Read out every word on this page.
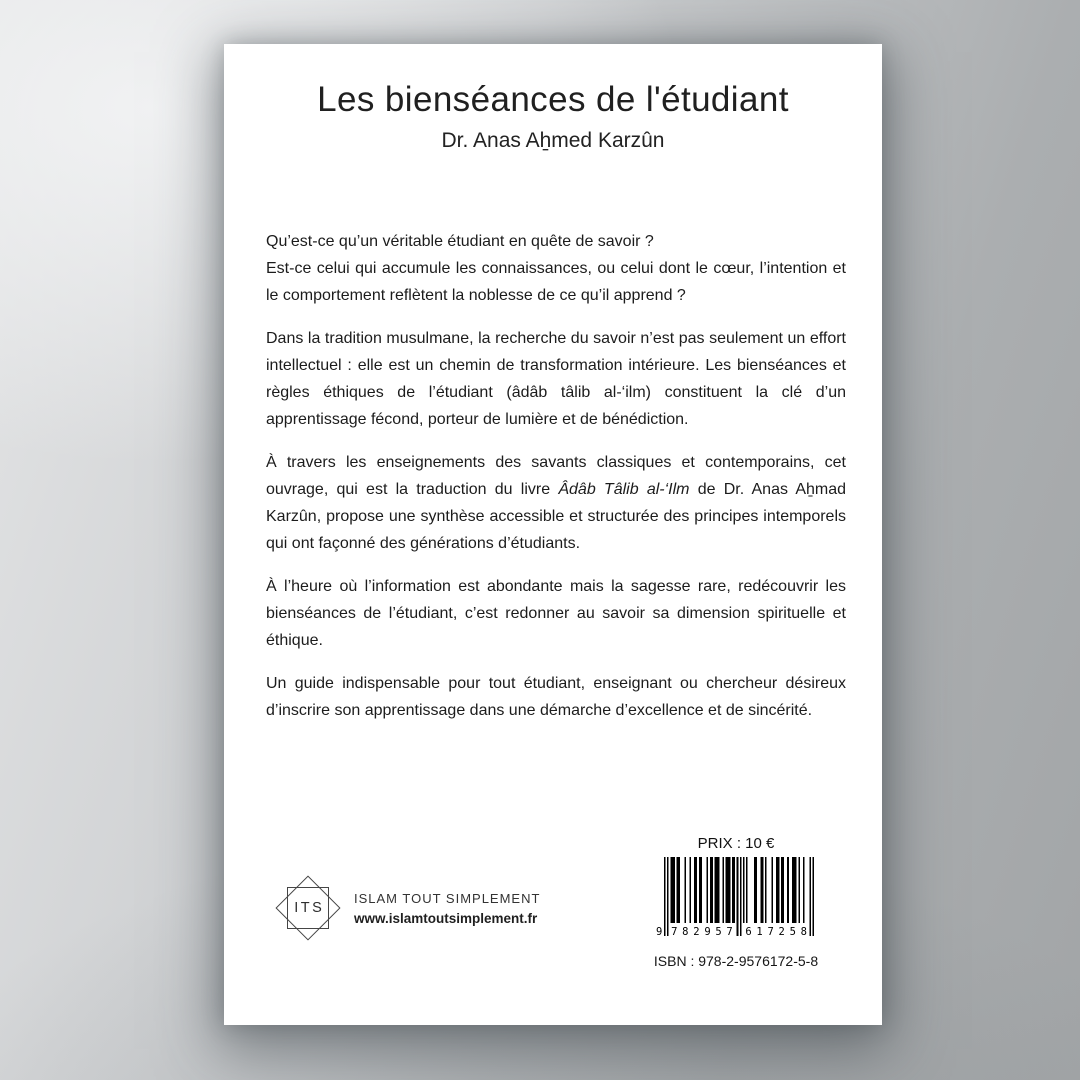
Les bienséances de l'étudiant
Dr. Anas Aẖmed Karzûn

Qu’est-ce qu’un véritable étudiant en quête de savoir ?
Est-ce celui qui accumule les connaissances, ou celui dont le cœur, l’intention et le comportement reflètent la noblesse de ce qu’il apprend ?

Dans la tradition musulmane, la recherche du savoir n’est pas seulement un effort intellectuel : elle est un chemin de transformation intérieure. Les bienséances et règles éthiques de l’étudiant (âdâb tâlib al-‘ilm) constituent la clé d’un apprentissage fécond, porteur de lumière et de bénédiction.

À travers les enseignements des savants classiques et contemporains, cet ouvrage, qui est la traduction du livre Âdâb Tâlib al-‘Ilm de Dr. Anas Aẖmad Karzûn, propose une synthèse accessible et structurée des principes intemporels qui ont façonné des générations d’étudiants.

À l’heure où l’information est abondante mais la sagesse rare, redécouvrir les bienséances de l’étudiant, c’est redonner au savoir sa dimension spirituelle et éthique.

Un guide indispensable pour tout étudiant, enseignant ou chercheur désireux d’inscrire son apprentissage dans une démarche d’excellence et de sincérité.

ITS
ISLAM TOUT SIMPLEMENT
www.islamtoutsimplement.fr
PRIX : 10 €
9 7 8 2 9 5 7 6 1 7 2 5 8
ISBN : 978-2-9576172-5-8
